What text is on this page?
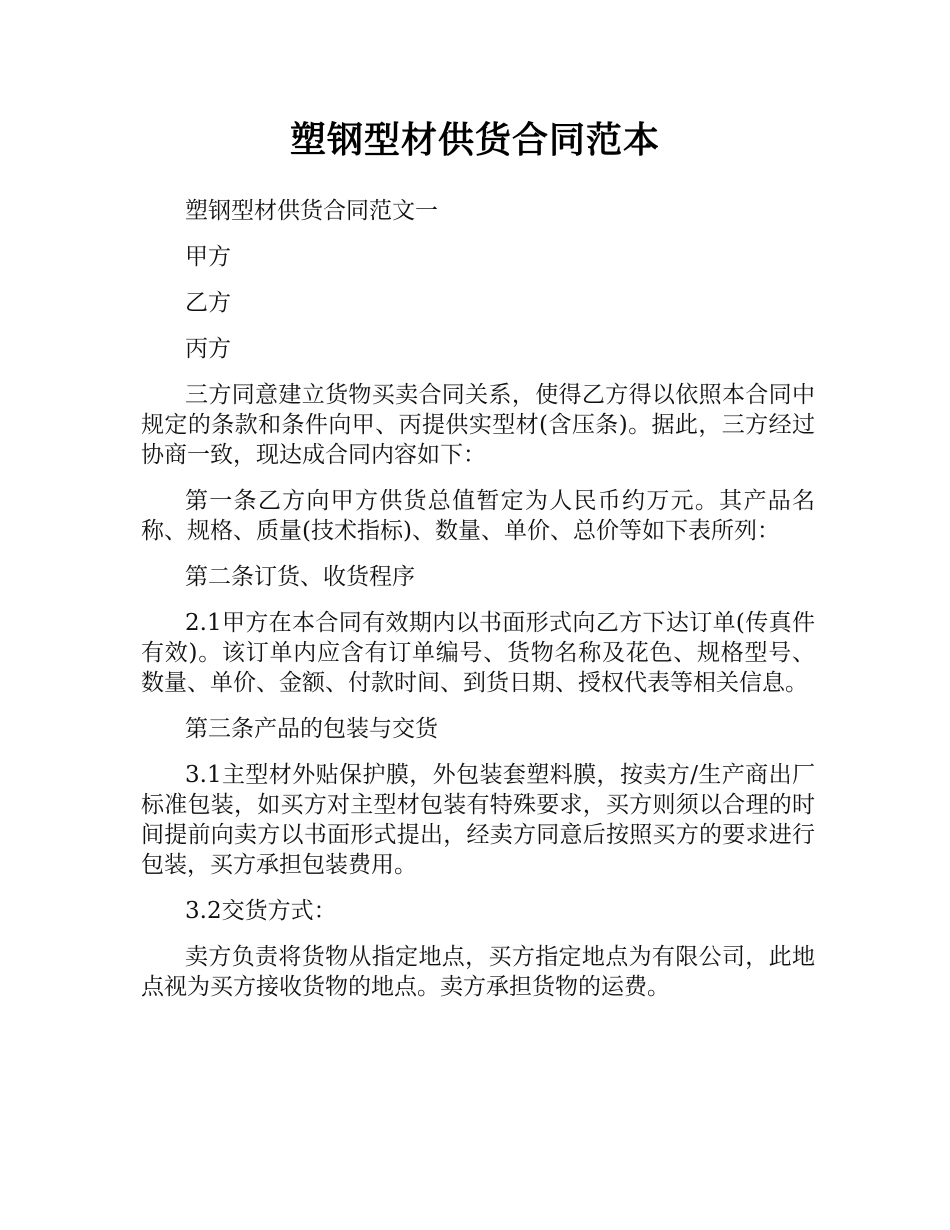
塑钢型材供货合同范本

塑钢型材供货合同范文一

甲方

乙方

丙方

三方同意建立货物买卖合同关系，使得乙方得以依照本合同中规定的条款和条件向甲、丙提供实型材(含压条)。据此，三方经过协商一致，现达成合同内容如下：

第一条乙方向甲方供货总值暂定为人民币约万元。其产品名称、规格、质量(技术指标)、数量、单价、总价等如下表所列：

第二条订货、收货程序

2.1甲方在本合同有效期内以书面形式向乙方下达订单(传真件有效)。该订单内应含有订单编号、货物名称及花色、规格型号、数量、单价、金额、付款时间、到货日期、授权代表等相关信息。

第三条产品的包装与交货

3.1主型材外贴保护膜，外包装套塑料膜，按卖方/生产商出厂标准包装，如买方对主型材包装有特殊要求，买方则须以合理的时间提前向卖方以书面形式提出，经卖方同意后按照买方的要求进行包装，买方承担包装费用。

3.2交货方式：

卖方负责将货物从指定地点，买方指定地点为有限公司，此地点视为买方接收货物的地点。卖方承担货物的运费。
